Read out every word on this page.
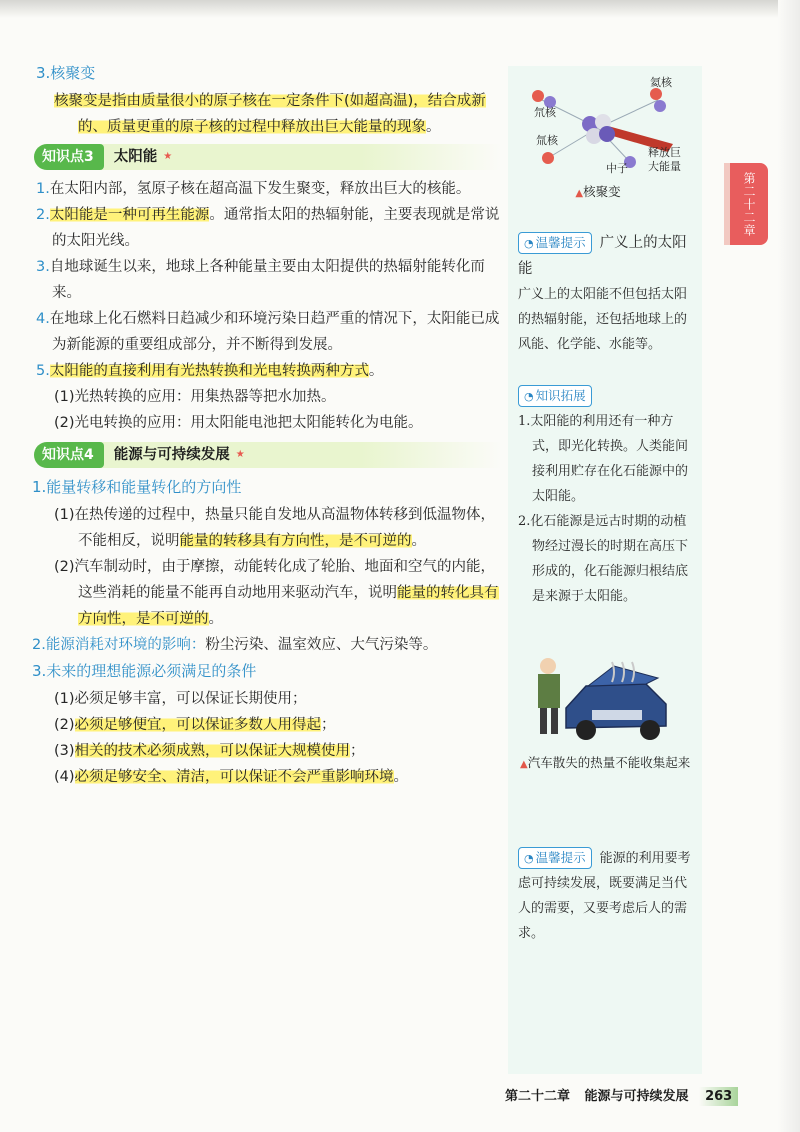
3.核聚变

核聚变是指由质量很小的原子核在一定条件下(如超高温)，结合成新的、质量更重的原子核的过程中释放出巨大能量的现象。

知识点3	太阳能 ★

1.在太阳内部，氢原子核在超高温下发生聚变，释放出巨大的核能。

2.太阳能是一种可再生能源。通常指太阳的热辐射能，主要表现就是常说的太阳光线。

3.自地球诞生以来，地球上各种能量主要由太阳提供的热辐射能转化而来。

4.在地球上化石燃料日趋减少和环境污染日趋严重的情况下，太阳能已成为新能源的重要组成部分，并不断得到发展。

5.太阳能的直接利用有光热转换和光电转换两种方式。

(1)光热转换的应用：用集热器等把水加热。

(2)光电转换的应用：用太阳能电池把太阳能转化为电能。

知识点4	能源与可持续发展 ★
1.能量转移和能量转化的方向性

(1)在热传递的过程中，热量只能自发地从高温物体转移到低温物体，不能相反，说明能量的转移具有方向性，是不可逆的。

(2)汽车制动时，由于摩擦，动能转化成了轮胎、地面和空气的内能，这些消耗的能量不能再自动地用来驱动汽车，说明能量的转化具有方向性，是不可逆的。

2.能源消耗对环境的影响：粉尘污染、温室效应、大气污染等。
3.未来的理想能源必须满足的条件

(1)必须足够丰富，可以保证长期使用；

(2)必须足够便宜，可以保证多数人用得起；

(3)相关的技术必须成熟，可以保证大规模使用；

(4)必须足够安全、清洁，可以保证不会严重影响环境。

氘核
氚核
氦核
中子
释放巨
大能量
▲核聚变

◔ 温馨提示 广义上的太阳能

广义上的太阳能不但包括太阳的热辐射能，还包括地球上的风能、化学能、水能等。

◔ 知识拓展

1.太阳能的利用还有一种方式，即光化转换。人类能间接利用贮存在化石能源中的太阳能。

2.化石能源是远古时期的动植物经过漫长的时期在高压下形成的，化石能源归根结底是来源于太阳能。

▲汽车散失的热量不能收集起来

◔ 温馨提示 能源的利用要考虑可持续发展，既要满足当代人的需要，又要考虑后人的需求。

第二十二章
第二十二章 能源与可持续发展 263
